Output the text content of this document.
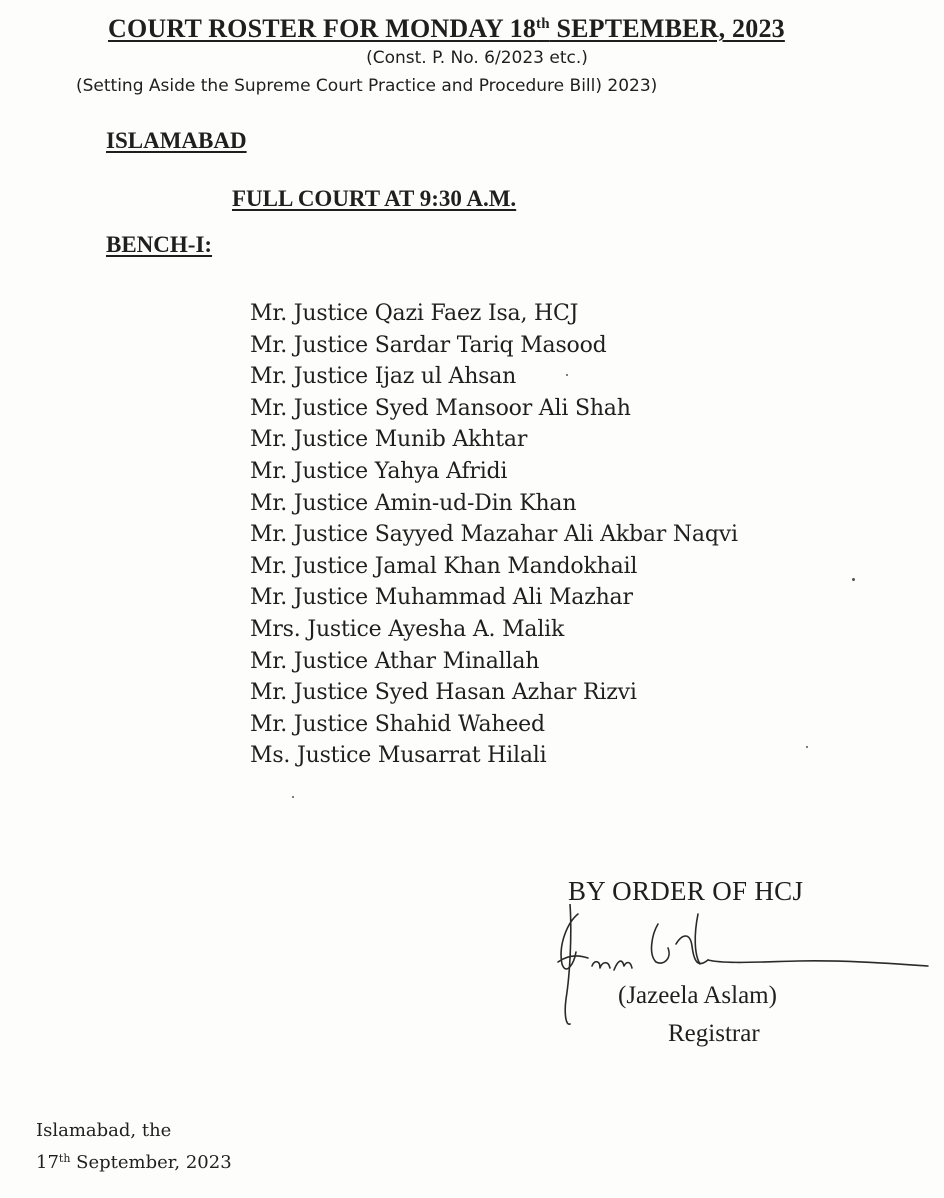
COURT ROSTER FOR MONDAY 18th SEPTEMBER, 2023
(Const. P. No. 6/2023 etc.)
(Setting Aside the Supreme Court Practice and Procedure Bill) 2023)
ISLAMABAD
FULL COURT AT 9:30 A.M.
BENCH-I:
Mr. Justice Qazi Faez Isa, HCJ
Mr. Justice Sardar Tariq Masood
Mr. Justice Ijaz ul Ahsan
Mr. Justice Syed Mansoor Ali Shah
Mr. Justice Munib Akhtar
Mr. Justice Yahya Afridi
Mr. Justice Amin-ud-Din Khan
Mr. Justice Sayyed Mazahar Ali Akbar Naqvi
Mr. Justice Jamal Khan Mandokhail
Mr. Justice Muhammad Ali Mazhar
Mrs. Justice Ayesha A. Malik
Mr. Justice Athar Minallah
Mr. Justice Syed Hasan Azhar Rizvi
Mr. Justice Shahid Waheed
Ms. Justice Musarrat Hilali
BY ORDER OF HCJ
(Jazeela Aslam)
Registrar
Islamabad, the
17th September, 2023
